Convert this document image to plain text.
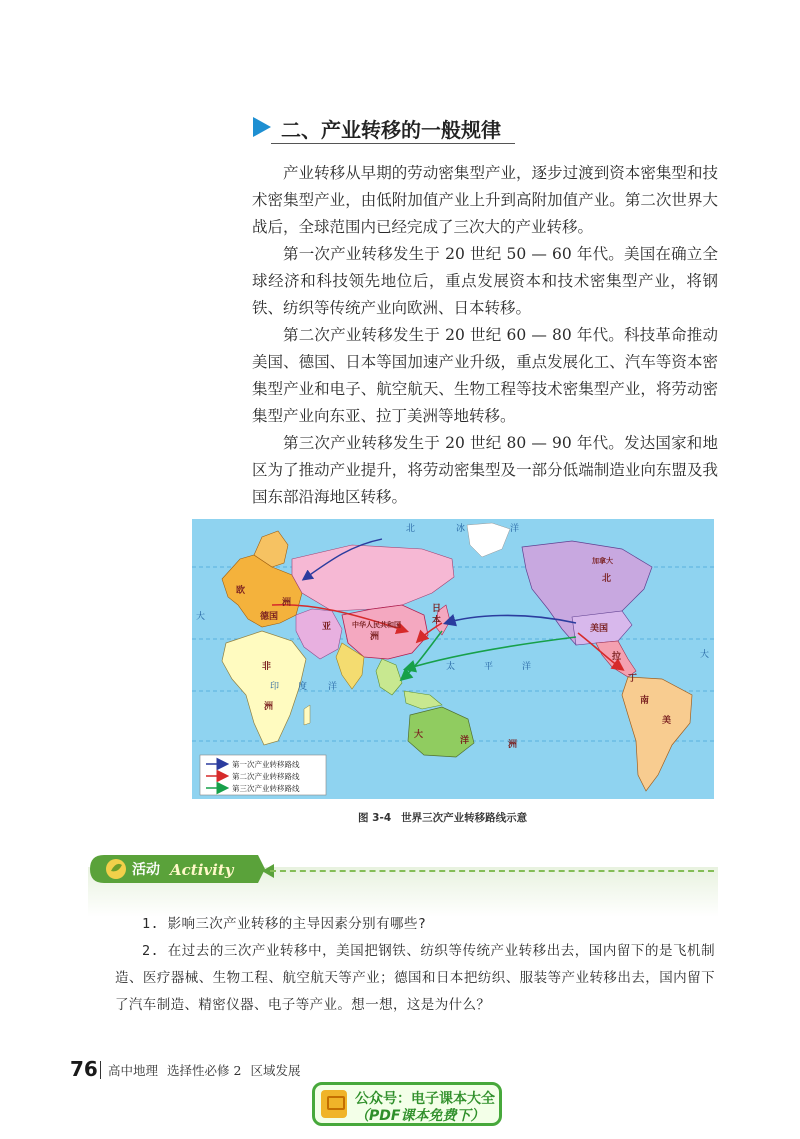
二、产业转移的一般规律

产业转移从早期的劳动密集型产业，逐步过渡到资本密集型和技术密集型产业，由低附加值产业上升到高附加值产业。第二次世界大战后，全球范围内已经完成了三次大的产业转移。

第一次产业转移发生于 20 世纪 50 — 60 年代。美国在确立全球经济和科技领先地位后，重点发展资本和技术密集型产业，将钢铁、纺织等传统产业向欧洲、日本转移。

第二次产业转移发生于 20 世纪 60 — 80 年代。科技革命推动美国、德国、日本等国加速产业升级，重点发展化工、汽车等资本密集型产业和电子、航空航天、生物工程等技术密集型产业，将劳动密集型产业向东亚、拉丁美洲等地转移。

第三次产业转移发生于 20 世纪 80 — 90 年代。发达国家和地区为了推动产业提升，将劳动密集型及一部分低端制造业向东盟及我国东部沿海地区转移。

北	冰	洋
印 度 洋
太	平	洋
大
大
欧
洲
德国
亚
洲
中华人民共和国
日
本
非
洲
大
洋	洲
北
加拿大
美国
拉
丁
南
美
第一次产业转移路线
第二次产业转移路线
第三次产业转移路线
图 3-4 世界三次产业转移路线示意
活动 Activity

1. 影响三次产业转移的主导因素分别有哪些?

2. 在过去的三次产业转移中，美国把钢铁、纺织等传统产业转移出去，国内留下的是飞机制造、医疗器械、生物工程、航空航天等产业；德国和日本把纺织、服装等产业转移出去，国内留下了汽车制造、精密仪器、电子等产业。想一想，这是为什么？

76 高中地理 选择性必修 2 区域发展
公众号：电子课本大全
（PDF课本免费下）
